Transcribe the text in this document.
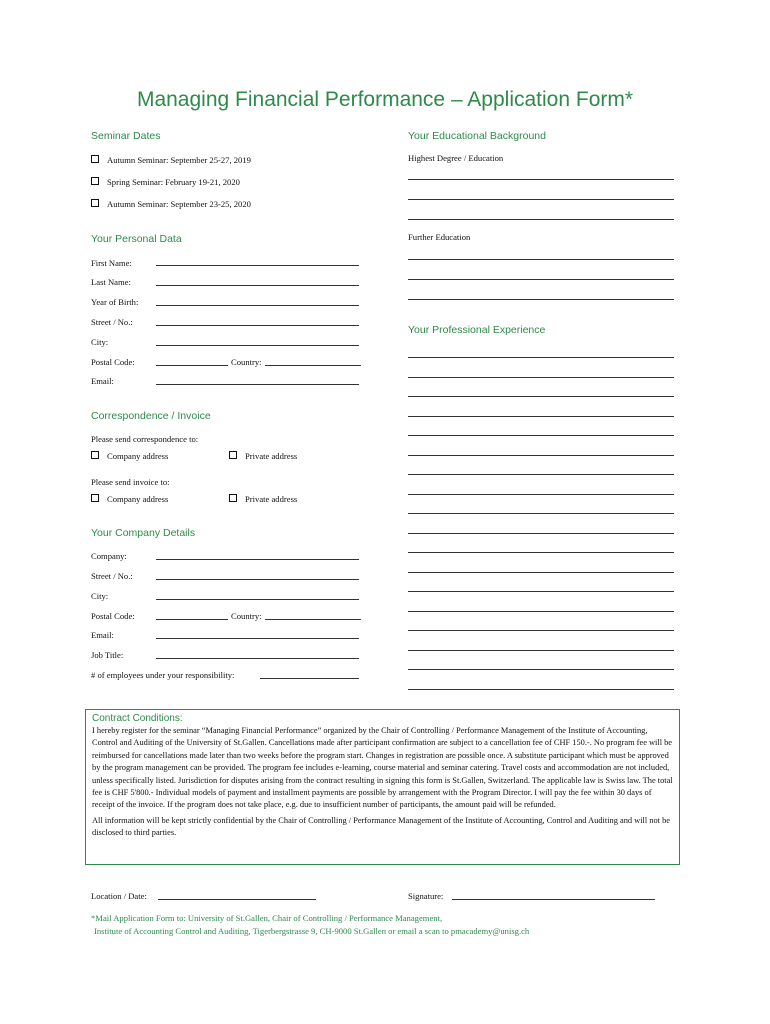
Managing Financial Performance – Application Form*
Seminar Dates
Autumn Seminar: September 25-27, 2019
Spring Seminar: February 19-21, 2020
Autumn Seminar: September 23-25, 2020
Your Personal Data
First Name:
Last Name:
Year of Birth:
Street / No.:
City:
Postal Code:	Country:
Email:
Correspondence / Invoice
Please send correspondence to:
Company address	Private address
Please send invoice to:
Company address	Private address
Your Company Details
Company:
Street / No.:
City:
Postal Code:	Country:
Email:
Job Title:
# of employees under your responsibility:
Your Educational Background
Highest Degree / Education
Further Education
Your Professional Experience
Contract Conditions:

I hereby register for the seminar “Managing Financial Performance” organized by the Chair of Controlling / Performance Management of the Institute of Accounting, Control and Auditing of the University of St.Gallen. Cancellations made after participant confirmation are subject to a cancellation fee of CHF 150.-. No program fee will be reimbursed for cancellations made later than two weeks before the program start. Changes in registration are possible once. A substitute participant which must be approved by the program management can be provided. The program fee includes e-learning, course material and seminar catering. Travel costs and accommodation are not included, unless specifically listed. Jurisdiction for disputes arising from the contract resulting in signing this form is St.Gallen, Switzerland. The applicable law is Swiss law. The total fee is CHF 5'800.- Individual models of payment and installment payments are possible by arrangement with the Program Director. I will pay the fee within 30 days of receipt of the invoice. If the program does not take place, e.g. due to insufficient number of participants, the amount paid will be refunded.

All information will be kept strictly confidential by the Chair of Controlling / Performance Management of the Institute of Accounting, Control and Auditing and will not be disclosed to third parties.

Location / Date:	Signature:
*Mail Application Form to: University of St.Gallen, Chair of Controlling / Performance Management,
Institute of Accounting Control and Auditing, Tigerbergstrasse 9, CH-9000 St.Gallen or email a scan to pmacademy@unisg.ch
